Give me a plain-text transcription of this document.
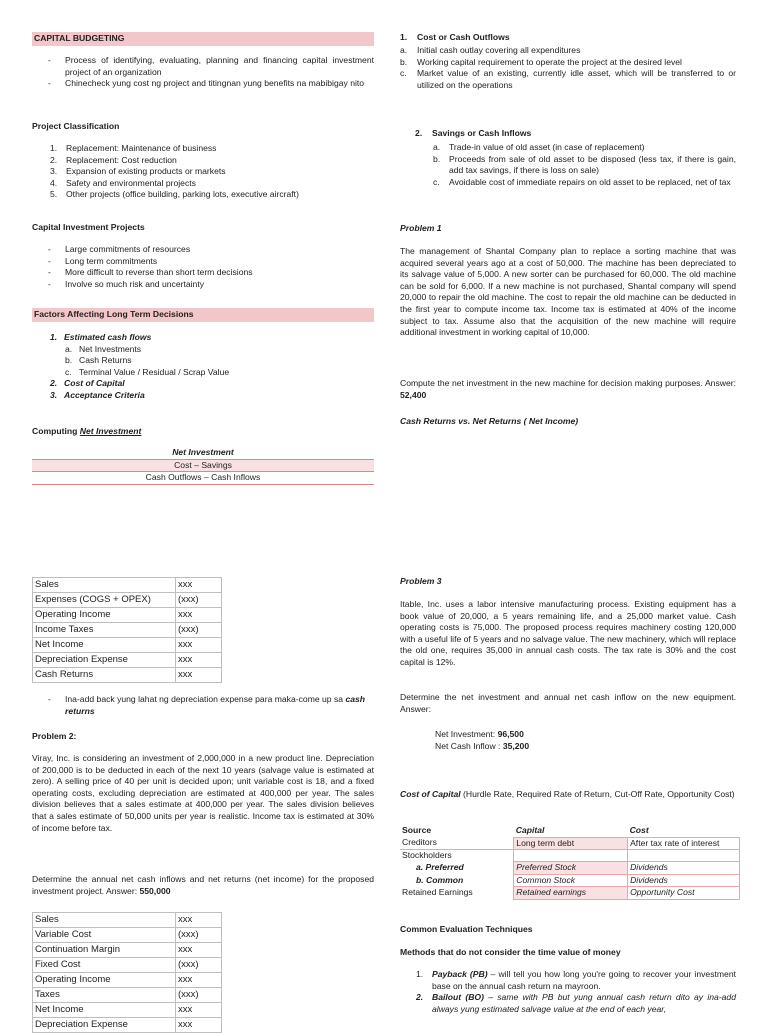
CAPITAL BUDGETING
- Process of identifying, evaluating, planning and financing capital investment project of an organization
- Chinecheck yung cost ng project and titingnan yung benefits na mabibigay nito
Project Classification
1. Replacement: Maintenance of business
2. Replacement: Cost reduction
3. Expansion of existing products or markets
4. Safety and environmental projects
5. Other projects (office building, parking lots, executive aircraft)
Capital Investment Projects
- Large commitments of resources
- Long term commitments
- More difficult to reverse than short term decisions
- Involve so much risk and uncertainty
Factors Affecting Long Term Decisions
1. Estimated cash flows
a. Net Investments
b. Cash Returns
c. Terminal Value / Residual / Scrap Value
2. Cost of Capital
3. Acceptance Criteria
Computing Net Investment
Net Investment
Cost – Savings
Cash Outflows – Cash Inflows
Sales	xxx
Expenses (COGS + OPEX)	(xxx)
Operating Income	xxx
Income Taxes	(xxx)
Net Income	xxx
Depreciation Expense	xxx
Cash Returns	xxx
- Ina-add back yung lahat ng depreciation expense para maka-come up sa cash returns
Problem 2:
Viray, Inc. is considering an investment of 2,000,000 in a new product line. Depreciation of 200,000 is to be deducted in each of the next 10 years (salvage value is estimated at zero). A selling price of 40 per unit is decided upon; unit variable cost is 18, and a fixed operating costs, excluding depreciation are estimated at 400,000 per year. The sales division believes that a sales estimate at 400,000 per year. The sales division believes that a sales estimate of 50,000 units per year is realistic. Income tax is estimated at 30% of income before tax.
Determine the annual net cash inflows and net returns (net income) for the proposed investment project. Answer: 550,000
Sales	xxx
Variable Cost	(xxx)
Continuation Margin	xxx
Fixed Cost	(xxx)
Operating Income	xxx
Taxes	(xxx)
Net Income	xxx
Depreciation Expense	xxx
1. Cost or Cash Outflows
a. Initial cash outlay covering all expenditures
b. Working capital requirement to operate the project at the desired level
c. Market value of an existing, currently idle asset, which will be transferred to or utilized on the operations
2. Savings or Cash Inflows
a. Trade-in value of old asset (in case of replacement)
b. Proceeds from sale of old asset to be disposed (less tax, if there is gain, add tax savings, if there is loss on sale)
c. Avoidable cost of immediate repairs on old asset to be replaced, net of tax
Problem 1
The management of Shantal Company plan to replace a sorting machine that was acquired several years ago at a cost of 50,000. The machine has been depreciated to its salvage value of 5,000. A new sorter can be purchased for 60,000. The old machine can be sold for 6,000. If a new machine is not purchased, Shantal company will spend 20,000 to repair the old machine. The cost to repair the old machine can be deducted in the first year to compute income tax. Income tax is estimated at 40% of the income subject to tax. Assume also that the acquisition of the new machine will require additional investment in working capital of 10,000.
Compute the net investment in the new machine for decision making purposes. Answer: 52,400
Cash Returns vs. Net Returns ( Net Income)
Problem 3
Itable, Inc. uses a labor intensive manufacturing process. Existing equipment has a book value of 20,000, a 5 years remaining life, and a 25,000 market value. Cash operating costs is 75,000. The proposed process requires machinery costing 120,000 with a useful life of 5 years and no salvage value. The new machinery, which will replace the old one, requires 35,000 in annual cash costs. The tax rate is 30% and the cost capital is 12%.
Determine the net investment and annual net cash inflow on the new equipment. Answer:
Net Investment: 96,500
Net Cash Inflow : 35,200
Cost of Capital (Hurdle Rate, Required Rate of Return, Cut-Off Rate, Opportunity Cost)
Source	Capital	Cost
Creditors	Long term debt	After tax rate of interest
Stockholders		
a. Preferred	Preferred Stock	Dividends
b. Common	Common Stock	Dividends
Retained Earnings	Retained earnings	Opportunity Cost
Common Evaluation Techniques
Methods that do not consider the time value of money
1. Payback (PB) – will tell you how long you're going to recover your investment base on the annual cash return na mayroon.
2. Bailout (BO) – same with PB but yung annual cash return dito ay ina-add always yung estimated salvage value at the end of each year,
